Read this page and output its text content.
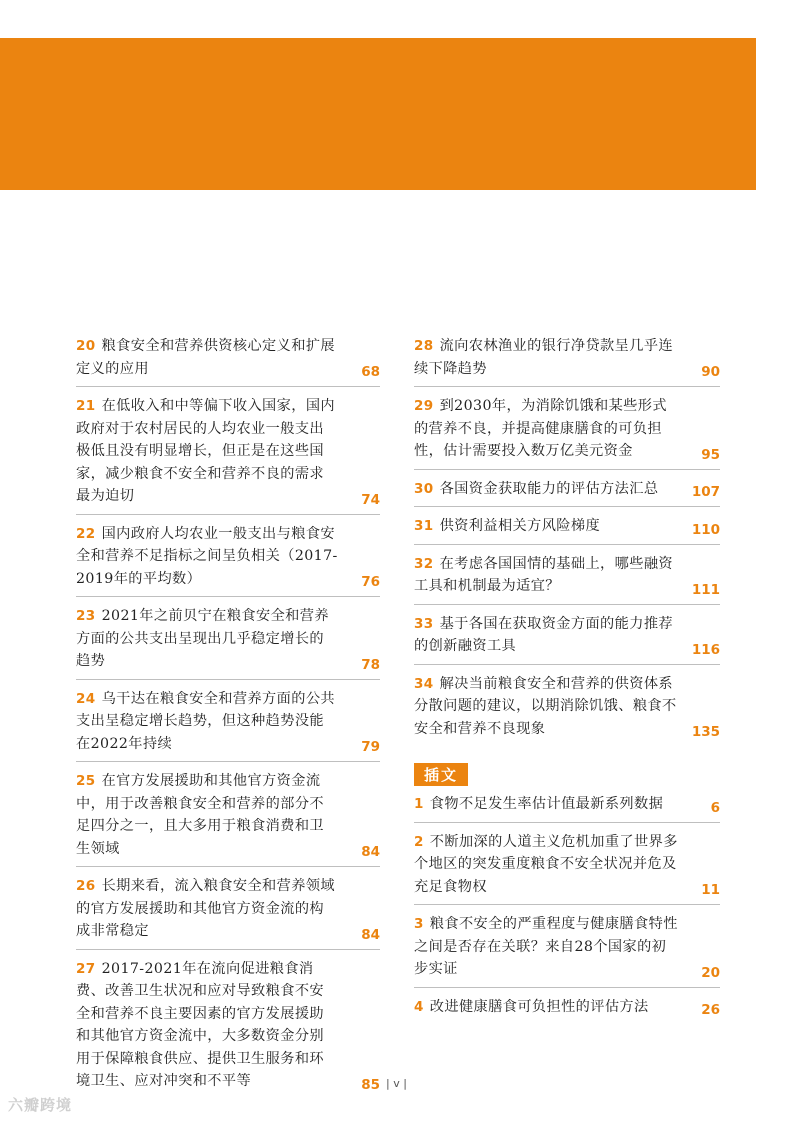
20 粮食安全和营养供资核心定义和扩展定义的应用	68
21 在低收入和中等偏下收入国家，国内政府对于农村居民的人均农业一般支出极低且没有明显增长，但正是在这些国家，减少粮食不安全和营养不良的需求最为迫切	74
22 国内政府人均农业一般支出与粮食安全和营养不足指标之间呈负相关（2017-2019年的平均数）	76
23 2021年之前贝宁在粮食安全和营养方面的公共支出呈现出几乎稳定增长的趋势	78
24 乌干达在粮食安全和营养方面的公共支出呈稳定增长趋势，但这种趋势没能在2022年持续	79
25 在官方发展援助和其他官方资金流中，用于改善粮食安全和营养的部分不足四分之一，且大多用于粮食消费和卫生领域	84
26 长期来看，流入粮食安全和营养领域的官方发展援助和其他官方资金流的构成非常稳定	84
27 2017-2021年在流向促进粮食消费、改善卫生状况和应对导致粮食不安全和营养不良主要因素的官方发展援助和其他官方资金流中，大多数资金分别用于保障粮食供应、提供卫生服务和环境卫生、应对冲突和不平等	85
28 流向农林渔业的银行净贷款呈几乎连续下降趋势	90
29 到2030年，为消除饥饿和某些形式的营养不良，并提高健康膳食的可负担性，估计需要投入数万亿美元资金	95
30 各国资金获取能力的评估方法汇总	107
31 供资利益相关方风险梯度	110
32 在考虑各国国情的基础上，哪些融资工具和机制最为适宜？	111
33 基于各国在获取资金方面的能力推荐的创新融资工具	116
34 解决当前粮食安全和营养的供资体系分散问题的建议，以期消除饥饿、粮食不安全和营养不良现象	135
插文
1 食物不足发生率估计值最新系列数据	6
2 不断加深的人道主义危机加重了世界多个地区的突发重度粮食不安全状况并危及充足食物权	11
3 粮食不安全的严重程度与健康膳食特性之间是否存在关联？来自28个国家的初步实证	20
4 改进健康膳食可负担性的评估方法	26
| v |
六瓣跨境
